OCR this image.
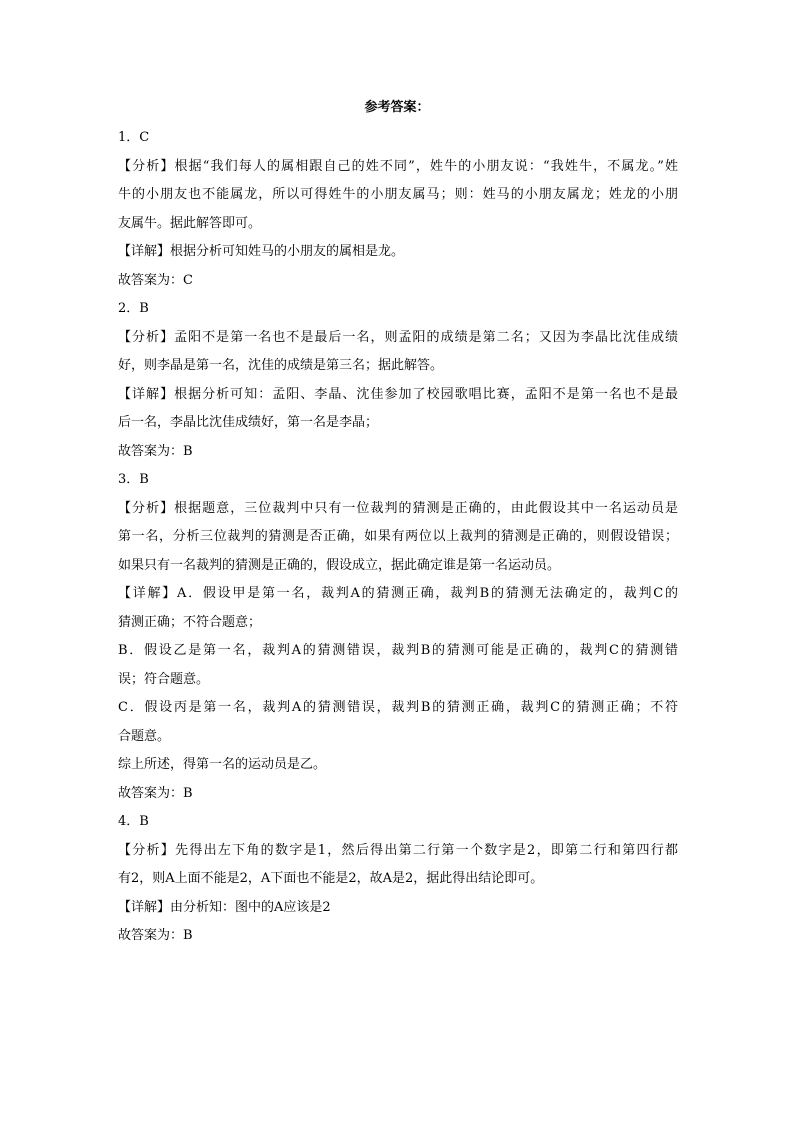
参考答案：
1．C
【分析】根据“我们每人的属相跟自己的姓不同”，姓牛的小朋友说：“我姓牛，不属龙。”姓
牛的小朋友也不能属龙，所以可得姓牛的小朋友属马；则：姓马的小朋友属龙；姓龙的小朋
友属牛。据此解答即可。
【详解】根据分析可知姓马的小朋友的属相是龙。
故答案为：C
2．B
【分析】孟阳不是第一名也不是最后一名，则孟阳的成绩是第二名；又因为李晶比沈佳成绩
好，则李晶是第一名，沈佳的成绩是第三名；据此解答。
【详解】根据分析可知：孟阳、李晶、沈佳参加了校园歌唱比赛，孟阳不是第一名也不是最
后一名，李晶比沈佳成绩好，第一名是李晶；
故答案为：B
3．B
【分析】根据题意，三位裁判中只有一位裁判的猜测是正确的，由此假设其中一名运动员是
第一名，分析三位裁判的猜测是否正确，如果有两位以上裁判的猜测是正确的，则假设错误；
如果只有一名裁判的猜测是正确的，假设成立，据此确定谁是第一名运动员。
【详解】A．假设甲是第一名，裁判A的猜测正确，裁判B的猜测无法确定的，裁判C的
猜测正确；不符合题意；
B．假设乙是第一名，裁判A的猜测错误，裁判B的猜测可能是正确的，裁判C的猜测错
误；符合题意。
C．假设丙是第一名，裁判A的猜测错误，裁判B的猜测正确，裁判C的猜测正确；不符
合题意。
综上所述，得第一名的运动员是乙。
故答案为：B
4．B
【分析】先得出左下角的数字是1，然后得出第二行第一个数字是2，即第二行和第四行都
有2，则A上面不能是2，A下面也不能是2，故A是2，据此得出结论即可。
【详解】由分析知：图中的A应该是2
故答案为：B
